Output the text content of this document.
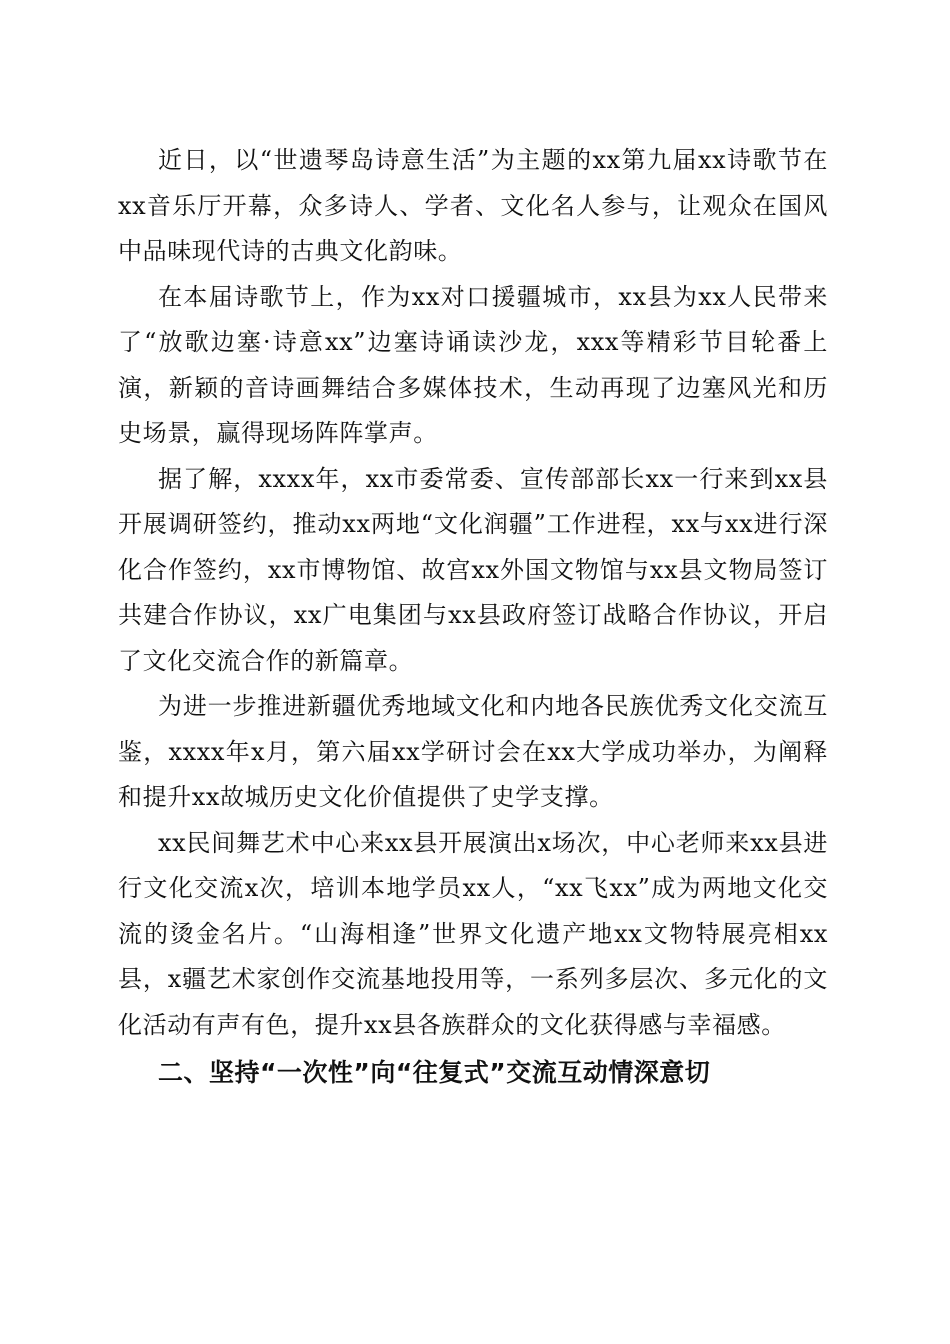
近日，以“世遗琴岛诗意生活”为主题的xx第九届xx诗歌节在xx音乐厅开幕，众多诗人、学者、文化名人参与，让观众在国风中品味现代诗的古典文化韵味。

在本届诗歌节上，作为xx对口援疆城市，xx县为xx人民带来了“放歌边塞·诗意xx”边塞诗诵读沙龙，xxx等精彩节目轮番上演，新颖的音诗画舞结合多媒体技术，生动再现了边塞风光和历史场景，赢得现场阵阵掌声。

据了解，xxxx年，xx市委常委、宣传部部长xx一行来到xx县开展调研签约，推动xx两地“文化润疆”工作进程，xx与xx进行深化合作签约，xx市博物馆、故宫xx外国文物馆与xx县文物局签订共建合作协议，xx广电集团与xx县政府签订战略合作协议，开启了文化交流合作的新篇章。

为进一步推进新疆优秀地域文化和内地各民族优秀文化交流互鉴，xxxx年x月，第六届xx学研讨会在xx大学成功举办，为阐释和提升xx故城历史文化价值提供了史学支撑。

xx民间舞艺术中心来xx县开展演出x场次，中心老师来xx县进行文化交流x次，培训本地学员xx人，“xx飞xx”成为两地文化交流的烫金名片。“山海相逢”世界文化遗产地xx文物特展亮相xx县，x疆艺术家创作交流基地投用等，一系列多层次、多元化的文化活动有声有色，提升xx县各族群众的文化获得感与幸福感。

二、坚持“一次性”向“往复式”交流互动情深意切
